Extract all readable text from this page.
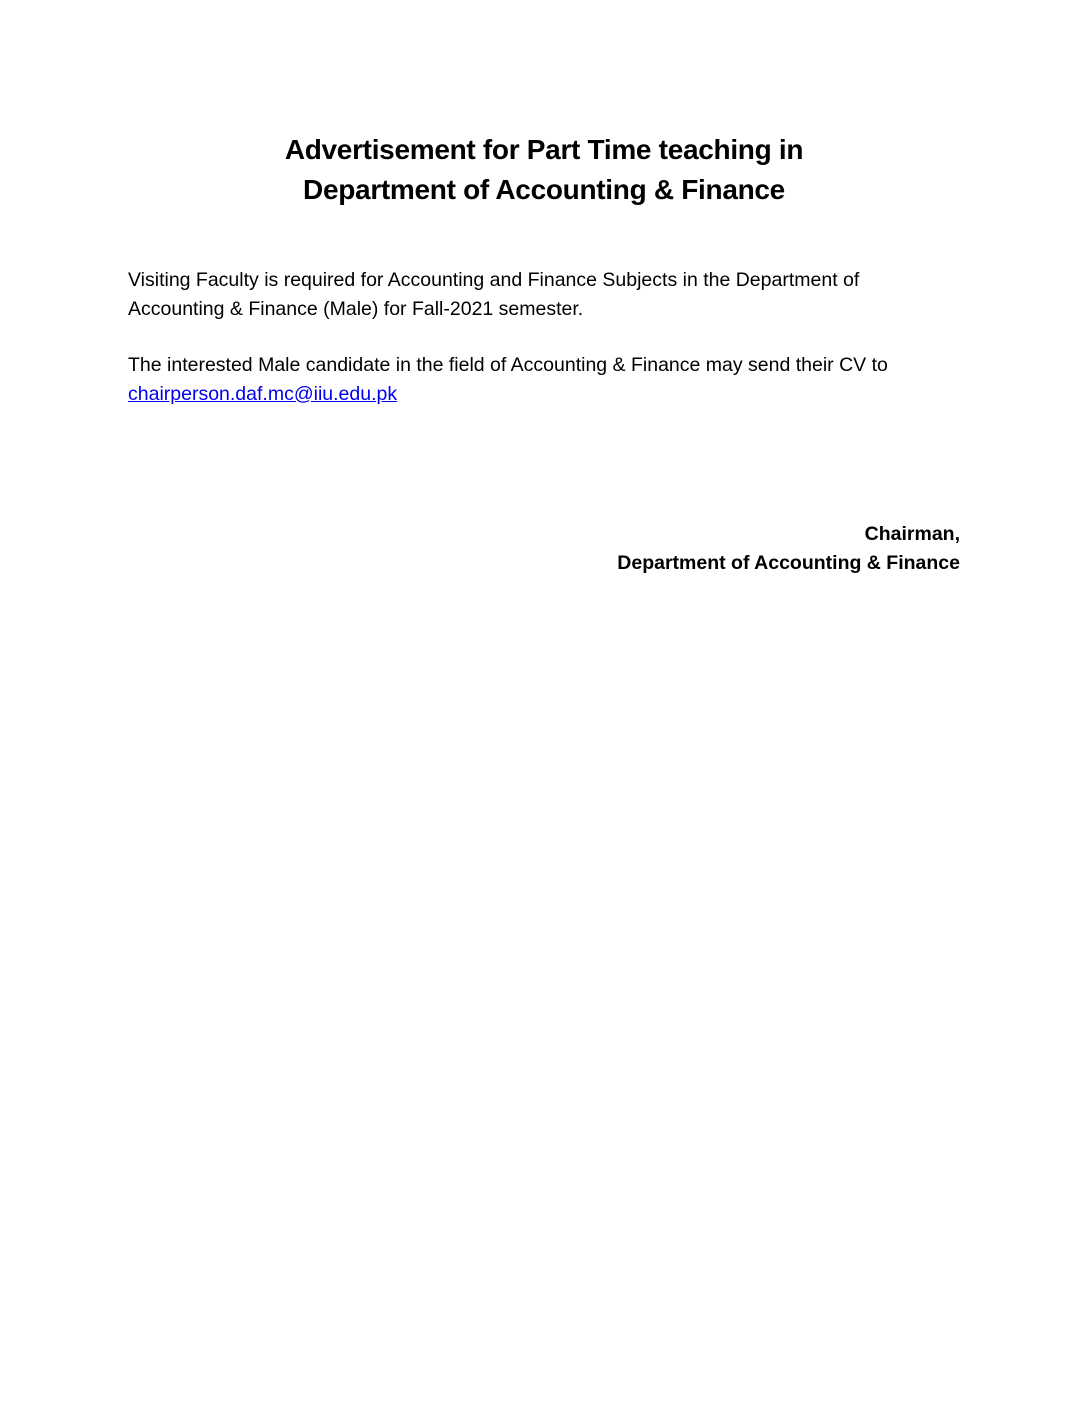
Advertisement for Part Time teaching in
Department of Accounting & Finance

Visiting Faculty is required for Accounting and Finance Subjects in the Department of
Accounting & Finance (Male) for Fall-2021 semester.

The interested Male candidate in the field of Accounting & Finance may send their CV to
chairperson.daf.mc@iiu.edu.pk

Chairman,
Department of Accounting & Finance
